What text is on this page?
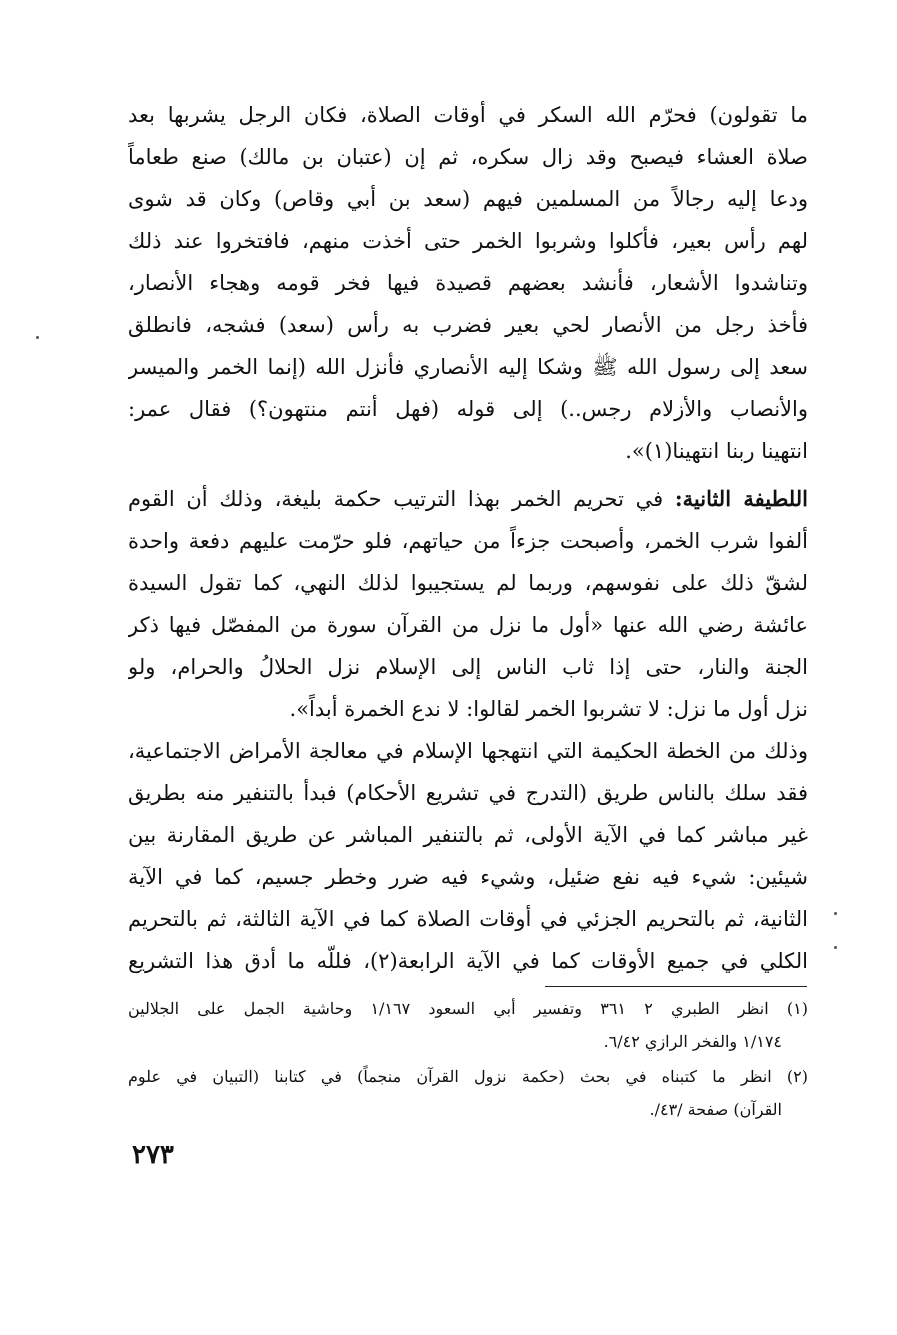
ما تقولون) فحرّم الله السكر في أوقات الصلاة، فكان الرجل يشربها بعد
صلاة العشاء فيصبح وقد زال سكره، ثم إن (عتبان بن مالك) صنع طعاماً
ودعا إليه رجالاً من المسلمين فيهم (سعد بن أبي وقاص) وكان قد شوى
لهم رأس بعير، فأكلوا وشربوا الخمر حتى أخذت منهم، فافتخروا عند ذلك
وتناشدوا الأشعار، فأنشد بعضهم قصيدة فيها فخر قومه وهجاء الأنصار،
فأخذ رجل من الأنصار لحي بعير فضرب به رأس (سعد) فشجه، فانطلق
سعد إلى رسول الله ﷺ وشكا إليه الأنصاري فأنزل الله (إنما الخمر والميسر
والأنصاب والأزلام رجس..) إلى قوله (فهل أنتم منتهون؟) فقال عمر:
انتهينا ربنا انتهينا(١)».
اللطيفة الثانية: في تحريم الخمر بهذا الترتيب حكمة بليغة، وذلك أن القوم
ألفوا شرب الخمر، وأصبحت جزءاً من حياتهم، فلو حرّمت عليهم دفعة واحدة
لشقّ ذلك على نفوسهم، وربما لم يستجيبوا لذلك النهي، كما تقول السيدة
عائشة رضي الله عنها «أول ما نزل من القرآن سورة من المفصّل فيها ذكر
الجنة والنار، حتى إذا ثاب الناس إلى الإسلام نزل الحلالُ والحرام، ولو
نزل أول ما نزل: لا تشربوا الخمر لقالوا: لا ندع الخمرة أبداً».
وذلك من الخطة الحكيمة التي انتهجها الإسلام في معالجة الأمراض الاجتماعية،
فقد سلك بالناس طريق (التدرج في تشريع الأحكام) فبدأ بالتنفير منه بطريق
غير مباشر كما في الآية الأولى، ثم بالتنفير المباشر عن طريق المقارنة بين
شيئين: شيء فيه نفع ضئيل، وشيء فيه ضرر وخطر جسيم، كما في الآية
الثانية، ثم بالتحريم الجزئي في أوقات الصلاة كما في الآية الثالثة، ثم بالتحريم
الكلي في جميع الأوقات كما في الآية الرابعة(٢)، فللّه ما أدق هذا التشريع
(١) انظر الطبري ٢ ٣٦١ وتفسير أبي السعود ١/١٦٧ وحاشية الجمل على الجلالين
١/١٧٤ والفخر الرازي ٦/٤٢.
(٢) انظر ما كتبناه في بحث (حكمة نزول القرآن منجماً) في كتابنا (التبيان في علوم
القرآن) صفحة /٤٣/.
٢٧٣
